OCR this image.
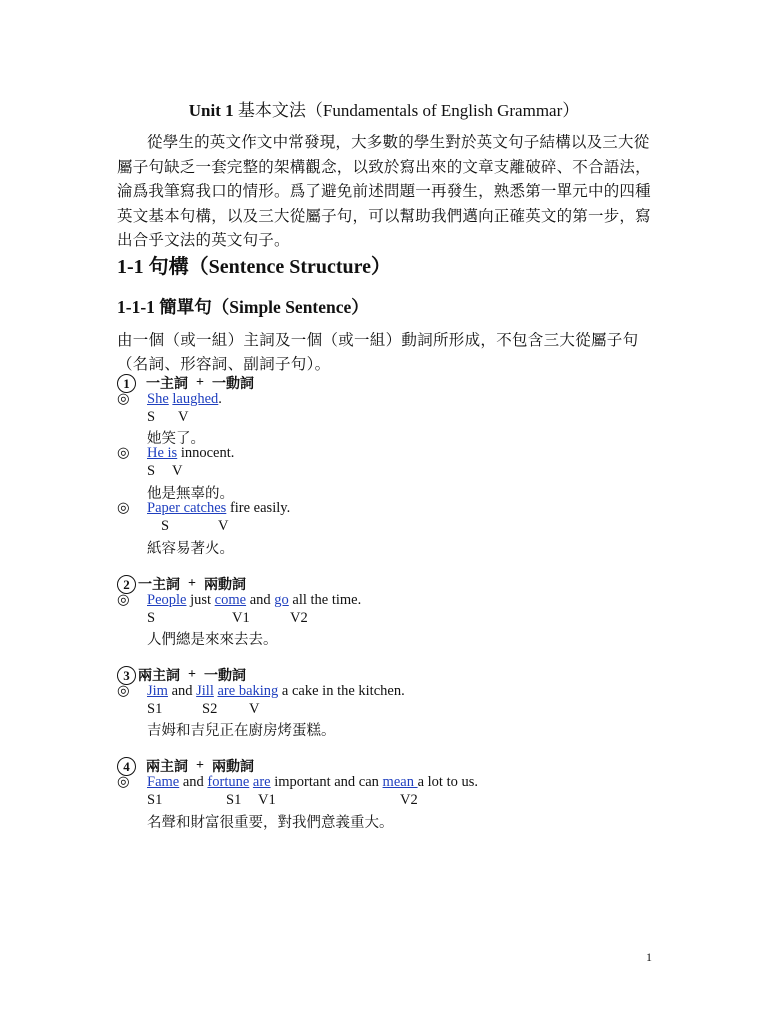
Unit 1 基本文法（Fundamentals of English Grammar）
從學生的英文作文中常發現，大多數的學生對於英文句子結構以及三大從屬子句缺乏一套完整的架構觀念，以致於寫出來的文章支離破碎、不合語法，淪爲我筆寫我口的情形。爲了避免前述問題一再發生，熟悉第一單元中的四種英文基本句構，以及三大從屬子句，可以幫助我們邁向正確英文的第一步，寫出合乎文法的英文句子。
1-1 句構（Sentence Structure）
1-1-1 簡單句（Simple Sentence）
由一個（或一組）主詞及一個（或一組）動詞所形成，不包含三大從屬子句（名詞、形容詞、副詞子句）。
1	一主詞 + 一動詞
◎ She laughed.
S V
她笑了。
◎ He is innocent.
S V
他是無辜的。
◎ Paper catches fire easily.
S	V
紙容易著火。
2 一主詞 + 兩動詞
◎ People just come and go all the time.
S	V1	V2
人們總是來來去去。
3 兩主詞 + 一動詞
◎ Jim and Jill are baking a cake in the kitchen.
S1	S2 V
吉姆和吉兒正在廚房烤蛋糕。
4	兩主詞 + 兩動詞
◎ Fame and fortune are important and can mean a lot to us.
S1	S1 V1	V2
名聲和財富很重要，對我們意義重大。
1
